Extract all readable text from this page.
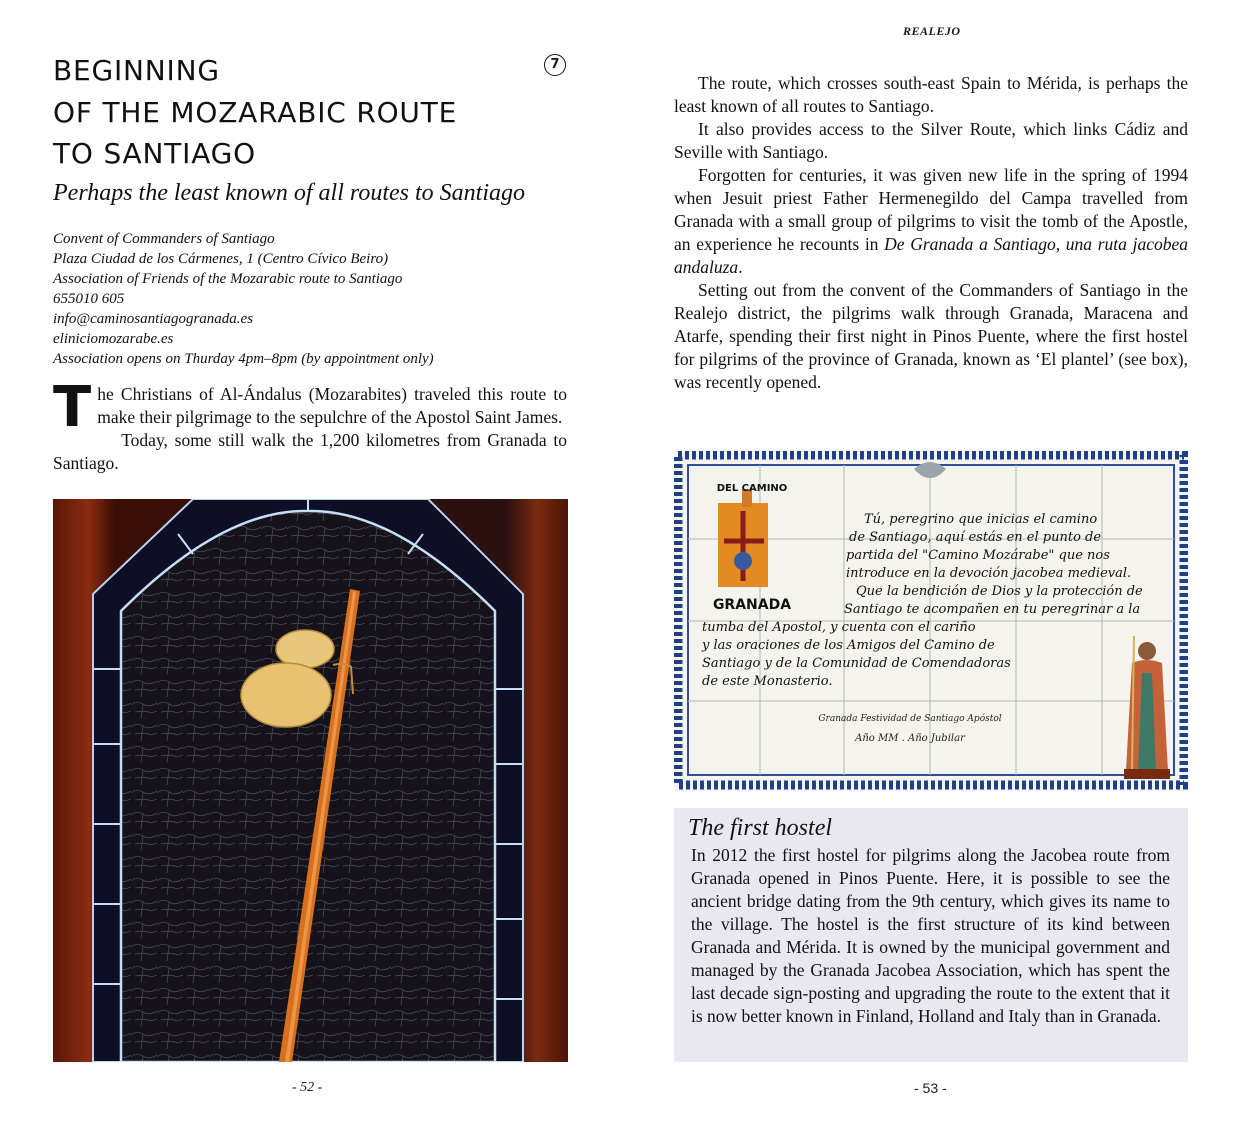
BEGINNING
OF THE MOZARABIC ROUTE
TO SANTIAGO
7
Perhaps the least known of all routes to Santiago
Convent of Commanders of Santiago
Plaza Ciudad de los Cármenes, 1 (Centro Cívico Beiro)
Association of Friends of the Mozarabic route to Santiago
655010 605
info@caminosantiagogranada.es
eliniciomozarabe.es
Association opens on Thurday 4pm–8pm (by appointment only)
T he Christians of Al-Ándalus (Mozarabites) traveled this route to make their pilgrimage to the sepulchre of the Apostol Saint James.
Today, some still walk the 1,200 kilometres from Granada to Santiago.
- 52 -
REALEJO

The route, which crosses south-east Spain to Mérida, is perhaps the least known of all routes to Santiago.

It also provides access to the Silver Route, which links Cádiz and Seville with Santiago.

Forgotten for centuries, it was given new life in the spring of 1994 when Jesuit priest Father Hermenegildo del Campa travelled from Granada with a small group of pilgrims to visit the tomb of the Apostle, an experience he recounts in De Granada a Santiago, una ruta jacobea andaluza.

Setting out from the convent of the Commanders of Santiago in the Realejo district, the pilgrims walk through Granada, Maracena and Atarfe, spending their first night in Pinos Puente, where the first hostel for pilgrims of the province of Granada, known as ‘El plantel’ (see box), was recently opened.

DEL CAMINO
GRANADA
Tú, peregrino que inicias el camino
de Santiago, aquí estás en el punto de
partida del "Camino Mozárabe" que nos
introduce en la devoción jacobea medieval.
Que la bendición de Dios y la protección de
Santiago te acompañen en tu peregrinar a la
tumba del Apostol, y cuenta con el cariño
y las oraciones de los Amigos del Camino de
Santiago y de la Comunidad de Comendadoras
de este Monasterio.
Granada Festividad de Santiago Apóstol
Año MM . Año Jubilar
The first hostel
In 2012 the first hostel for pilgrims along the Jacobea route from Granada opened in Pinos Puente. Here, it is possible to see the ancient bridge dating from the 9th century, which gives its name to the village. The hostel is the first structure of its kind between Granada and Mérida. It is owned by the municipal government and managed by the Granada Jacobea Association, which has spent the last decade sign-posting and upgrading the route to the extent that it is now better known in Finland, Holland and Italy than in Granada.
- 53 -
